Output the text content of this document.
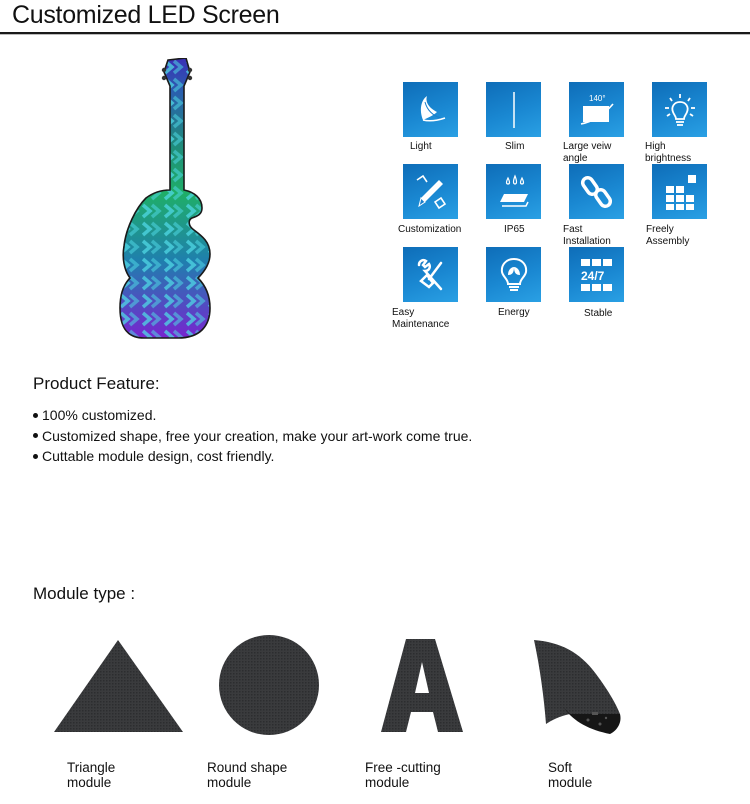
Customized LED Screen
Light	Slim
140°
Large veiw angle
High brightness
Customization	IP65	Fast Installation
Freely Assembly
Easy Maintenance
Energy
24/7
Stable
Product Feature:
100% customized.
Customized shape, free your creation, make your art-work come true.
Cuttable module design, cost friendly.
Module type :
Triangle
module
Round shape
module
Free -cutting
module
Soft
module
